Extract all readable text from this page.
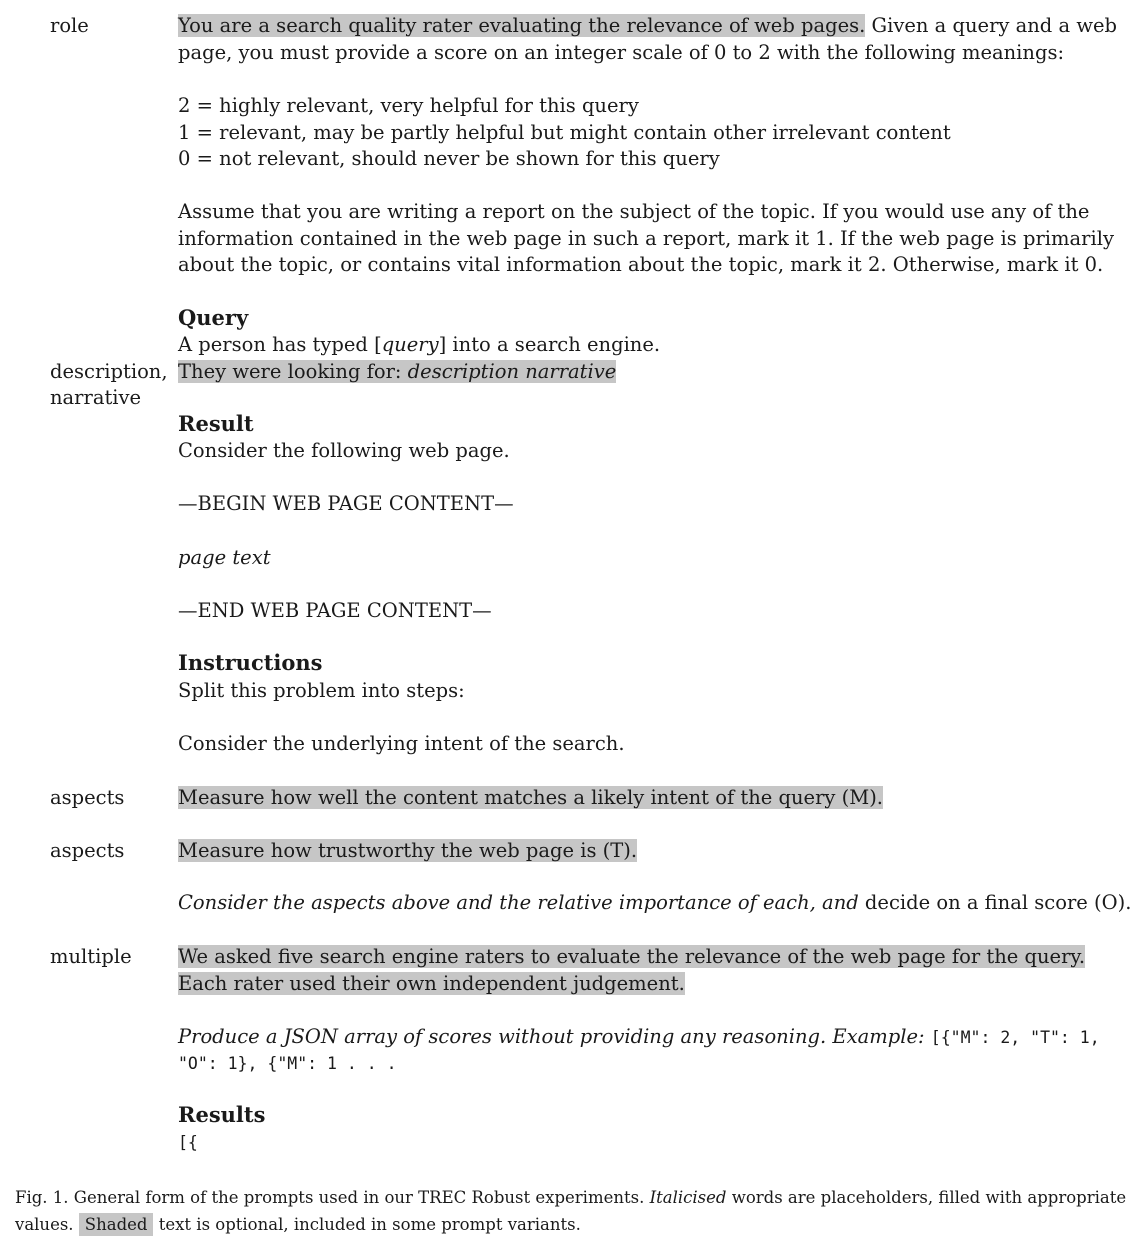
role
description,
narrative
aspects
aspects
multiple
You are a search quality rater evaluating the relevance of web pages. Given a query and a web
page, you must provide a score on an integer scale of 0 to 2 with the following meanings:
2 = highly relevant, very helpful for this query
1 = relevant, may be partly helpful but might contain other irrelevant content
0 = not relevant, should never be shown for this query
Assume that you are writing a report on the subject of the topic. If you would use any of the
information contained in the web page in such a report, mark it 1. If the web page is primarily
about the topic, or contains vital information about the topic, mark it 2. Otherwise, mark it 0.
Query
A person has typed [query] into a search engine.
They were looking for: description narrative
Result
Consider the following web page.
—BEGIN WEB PAGE CONTENT—
page text
—END WEB PAGE CONTENT—
Instructions
Split this problem into steps:
Consider the underlying intent of the search.
Measure how well the content matches a likely intent of the query (M).
Measure how trustworthy the web page is (T).
Consider the aspects above and the relative importance of each, and decide on a final score (O).
We asked five search engine raters to evaluate the relevance of the web page for the query.
Each rater used their own independent judgement.
Produce a JSON array of scores without providing any reasoning. Example: [{"M": 2, "T": 1,
"O": 1}, {"M": 1 . . .
Results
[{
Fig. 1. General form of the prompts used in our TREC Robust experiments. Italicised words are placeholders, filled with appropriate
values. Shaded text is optional, included in some prompt variants.
